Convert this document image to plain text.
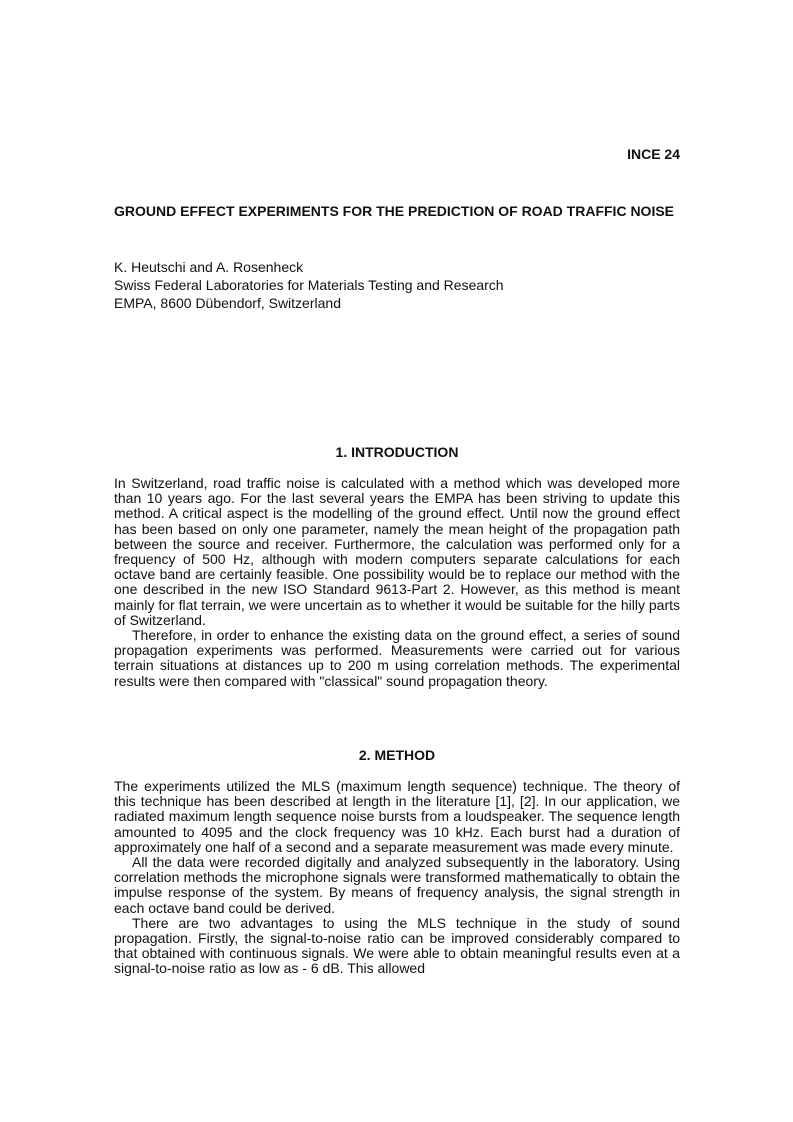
INCE 24
GROUND EFFECT EXPERIMENTS FOR THE PREDICTION OF ROAD TRAFFIC NOISE
K. Heutschi and A. Rosenheck
Swiss Federal Laboratories for Materials Testing and Research
EMPA, 8600 Dübendorf, Switzerland
1. INTRODUCTION

In Switzerland, road traffic noise is calculated with a method which was developed more than 10 years ago. For the last several years the EMPA has been striving to update this method. A critical aspect is the modelling of the ground effect. Until now the ground effect has been based on only one parameter, namely the mean height of the propagation path between the source and receiver. Furthermore, the calculation was performed only for a frequency of 500 Hz, although with modern computers separate calculations for each octave band are certainly feasible. One possibility would be to replace our method with the one described in the new ISO Standard 9613-Part 2. However, as this method is meant mainly for flat terrain, we were uncertain as to whether it would be suitable for the hilly parts of Switzerland.

Therefore, in order to enhance the existing data on the ground effect, a series of sound propagation experiments was performed. Measurements were carried out for various terrain situations at distances up to 200 m using correlation methods. The experimental results were then compared with "classical" sound propagation theory.

2. METHOD

The experiments utilized the MLS (maximum length sequence) technique. The theory of this technique has been described at length in the literature [1], [2]. In our application, we radiated maximum length sequence noise bursts from a loudspeaker. The sequence length amounted to 4095 and the clock frequency was 10 kHz. Each burst had a duration of approximately one half of a second and a separate measurement was made every minute.

All the data were recorded digitally and analyzed subsequently in the laboratory. Using correlation methods the microphone signals were transformed mathematically to obtain the impulse response of the system. By means of frequency analysis, the signal strength in each octave band could be derived.

There are two advantages to using the MLS technique in the study of sound propagation. Firstly, the signal-to-noise ratio can be improved considerably compared to that obtained with continuous signals. We were able to obtain meaningful results even at a signal-to-noise ratio as low as - 6 dB. This allowed
